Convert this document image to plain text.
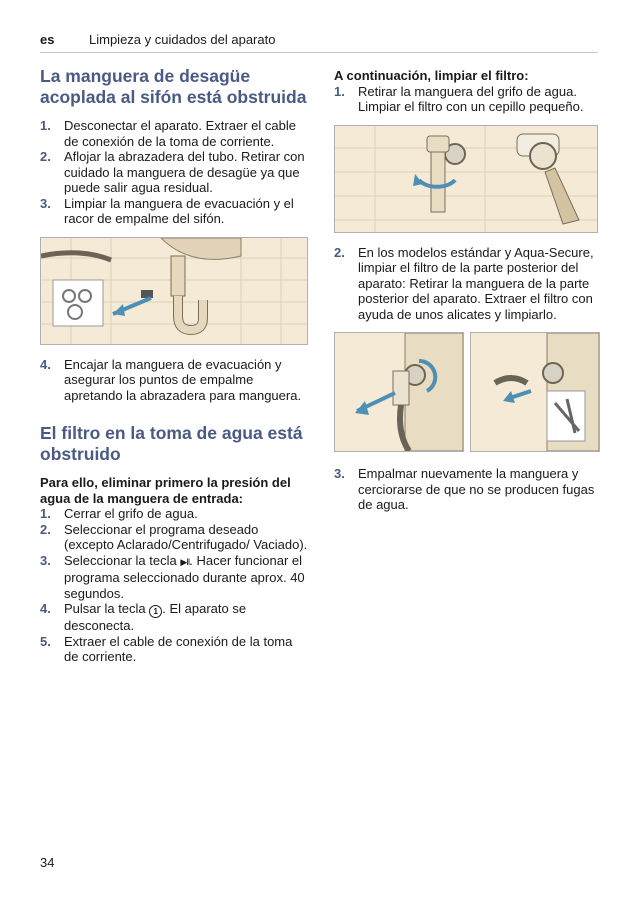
es	Limpieza y cuidados del aparato
La manguera de desagüe acoplada al sifón está obstruida
1. Desconectar el aparato. Extraer el cable de conexión de la toma de corriente.
2. Aflojar la abrazadera del tubo. Retirar con cuidado la manguera de desagüe ya que puede salir agua residual.
3. Limpiar la manguera de evacuación y el racor de empalme del sifón.
4. Encajar la manguera de evacuación y asegurar los puntos de empalme apretando la abrazadera para manguera.
El filtro en la toma de agua está obstruido

Para ello, eliminar primero la presión del agua de la manguera de entrada:

1. Cerrar el grifo de agua.
2. Seleccionar el programa deseado (excepto Aclarado/Centrifugado/ Vaciado).
3. Seleccionar la tecla ▶II. Hacer funcionar el programa seleccionado durante aprox. 40 segundos.
4. Pulsar la tecla 1 . El aparato se desconecta.
5. Extraer el cable de conexión de la toma de corriente.

A continuación, limpiar el filtro:

1. Retirar la manguera del grifo de agua. Limpiar el filtro con un cepillo pequeño.
2. En los modelos estándar y Aqua-Secure, limpiar el filtro de la parte posterior del aparato: Retirar la manguera de la parte posterior del aparato. Extraer el filtro con ayuda de unos alicates y limpiarlo.
3. Empalmar nuevamente la manguera y cerciorarse de que no se producen fugas de agua.
34
